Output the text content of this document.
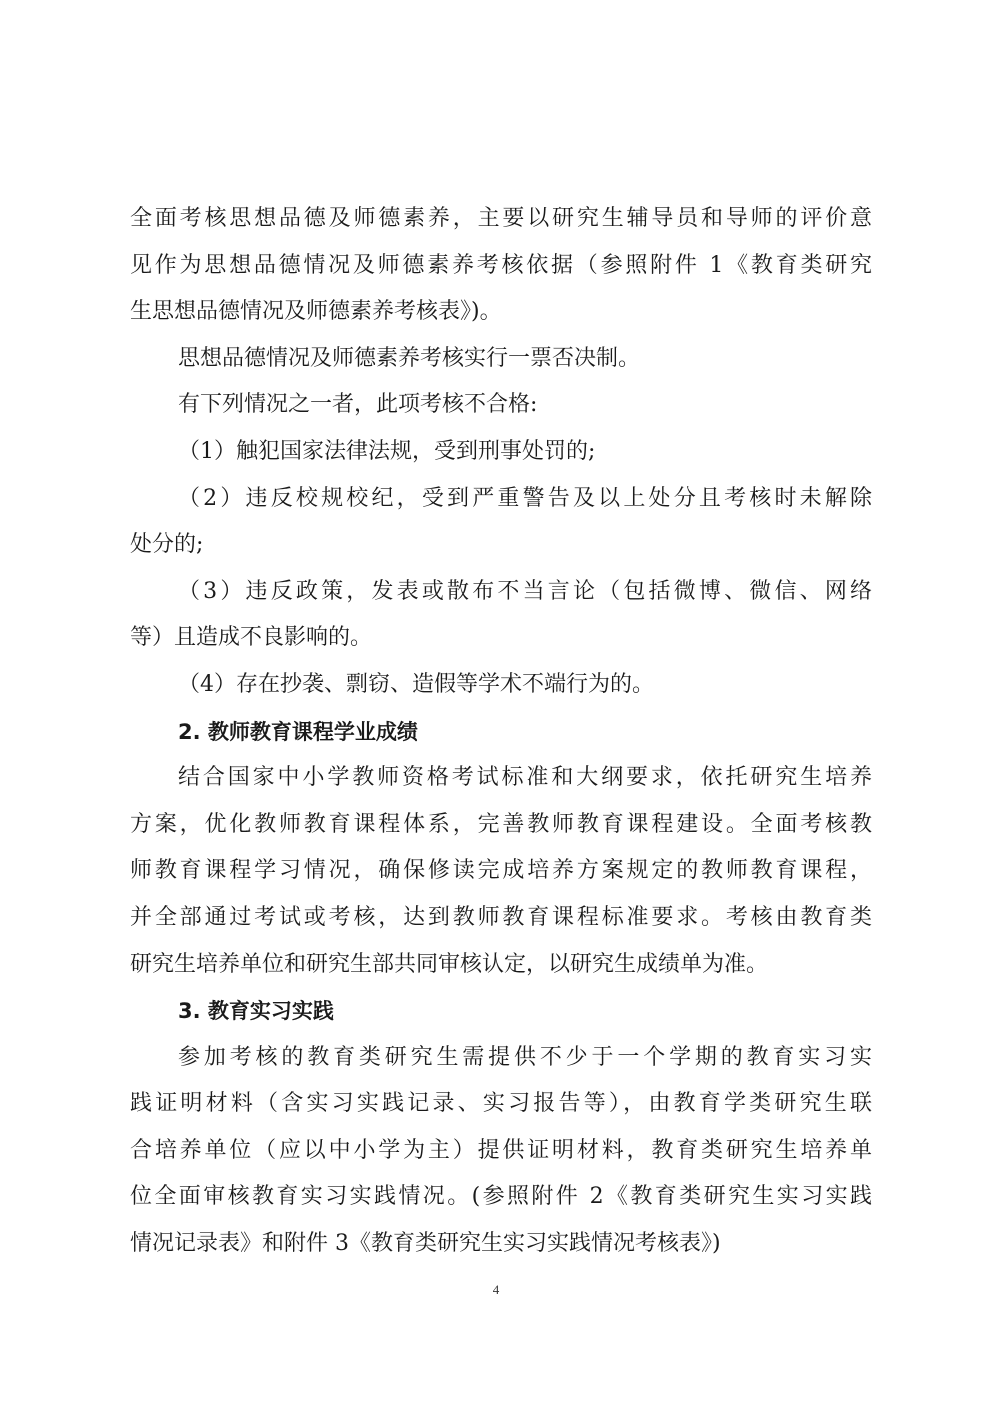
全面考核思想品德及师德素养，主要以研究生辅导员和导师的评价意
见作为思想品德情况及师德素养考核依据（参照附件 1《教育类研究
生思想品德情况及师德素养考核表》)。
思想品德情况及师德素养考核实行一票否决制。
有下列情况之一者，此项考核不合格:
（1）触犯国家法律法规，受到刑事处罚的;
（2）违反校规校纪，受到严重警告及以上处分且考核时未解除
处分的;
（3）违反政策，发表或散布不当言论（包括微博、微信、网络
等）且造成不良影响的。
（4）存在抄袭、剽窃、造假等学术不端行为的。
2. 教师教育课程学业成绩
结合国家中小学教师资格考试标准和大纲要求，依托研究生培养
方案，优化教师教育课程体系，完善教师教育课程建设。全面考核教
师教育课程学习情况，确保修读完成培养方案规定的教师教育课程，
并全部通过考试或考核，达到教师教育课程标准要求。考核由教育类
研究生培养单位和研究生部共同审核认定，以研究生成绩单为准。
3. 教育实习实践
参加考核的教育类研究生需提供不少于一个学期的教育实习实
践证明材料（含实习实践记录、实习报告等），由教育学类研究生联
合培养单位（应以中小学为主）提供证明材料，教育类研究生培养单
位全面审核教育实习实践情况。(参照附件 2《教育类研究生实习实践
情况记录表》和附件 3《教育类研究生实习实践情况考核表》)
4
